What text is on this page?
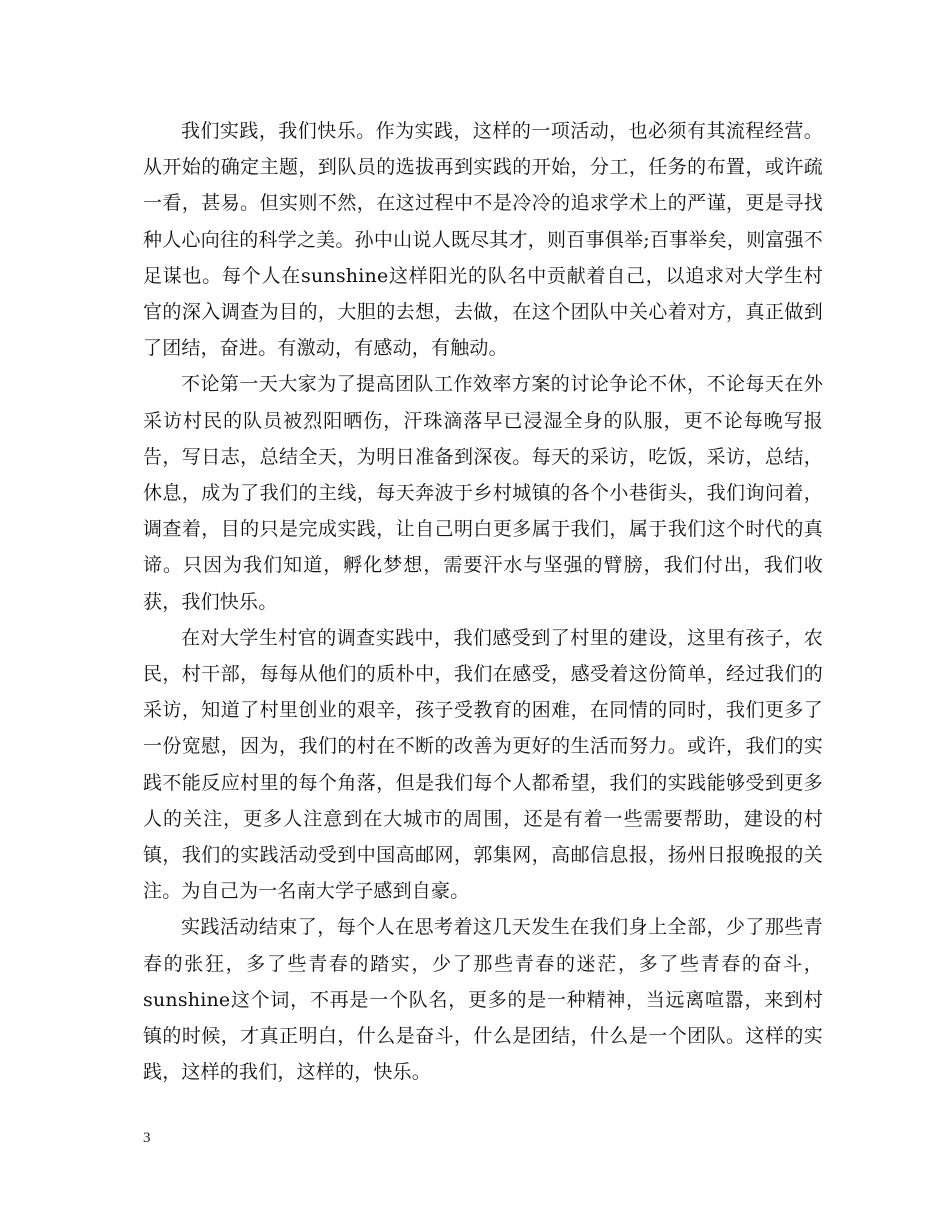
我们实践，我们快乐。作为实践，这样的一项活动，也必须有其流程经营。从开始的确定主题，到队员的选拔再到实践的开始，分工，任务的布置，或许疏一看，甚易。但实则不然，在这过程中不是冷冷的追求学术上的严谨，更是寻找种人心向往的科学之美。孙中山说人既尽其才，则百事俱举;百事举矣，则富强不足谋也。每个人在sunshine这样阳光的队名中贡献着自己，以追求对大学生村官的深入调查为目的，大胆的去想，去做，在这个团队中关心着对方，真正做到了团结，奋进。有激动，有感动，有触动。

不论第一天大家为了提高团队工作效率方案的讨论争论不休，不论每天在外采访村民的队员被烈阳晒伤，汗珠滴落早已浸湿全身的队服，更不论每晚写报告，写日志，总结全天，为明日准备到深夜。每天的采访，吃饭，采访，总结，休息，成为了我们的主线，每天奔波于乡村城镇的各个小巷街头，我们询问着，调查着，目的只是完成实践，让自己明白更多属于我们，属于我们这个时代的真谛。只因为我们知道，孵化梦想，需要汗水与坚强的臂膀，我们付出，我们收获，我们快乐。

在对大学生村官的调查实践中，我们感受到了村里的建设，这里有孩子，农民，村干部，每每从他们的质朴中，我们在感受，感受着这份简单，经过我们的采访，知道了村里创业的艰辛，孩子受教育的困难，在同情的同时，我们更多了一份宽慰，因为，我们的村在不断的改善为更好的生活而努力。或许，我们的实践不能反应村里的每个角落，但是我们每个人都希望，我们的实践能够受到更多人的关注，更多人注意到在大城市的周围，还是有着一些需要帮助，建设的村镇，我们的实践活动受到中国高邮网，郭集网，高邮信息报，扬州日报晚报的关注。为自己为一名南大学子感到自豪。

实践活动结束了，每个人在思考着这几天发生在我们身上全部，少了那些青春的张狂，多了些青春的踏实，少了那些青春的迷茫，多了些青春的奋斗，sunshine这个词，不再是一个队名，更多的是一种精神，当远离喧嚣，来到村镇的时候，才真正明白，什么是奋斗，什么是团结，什么是一个团队。这样的实践，这样的我们，这样的，快乐。

3
